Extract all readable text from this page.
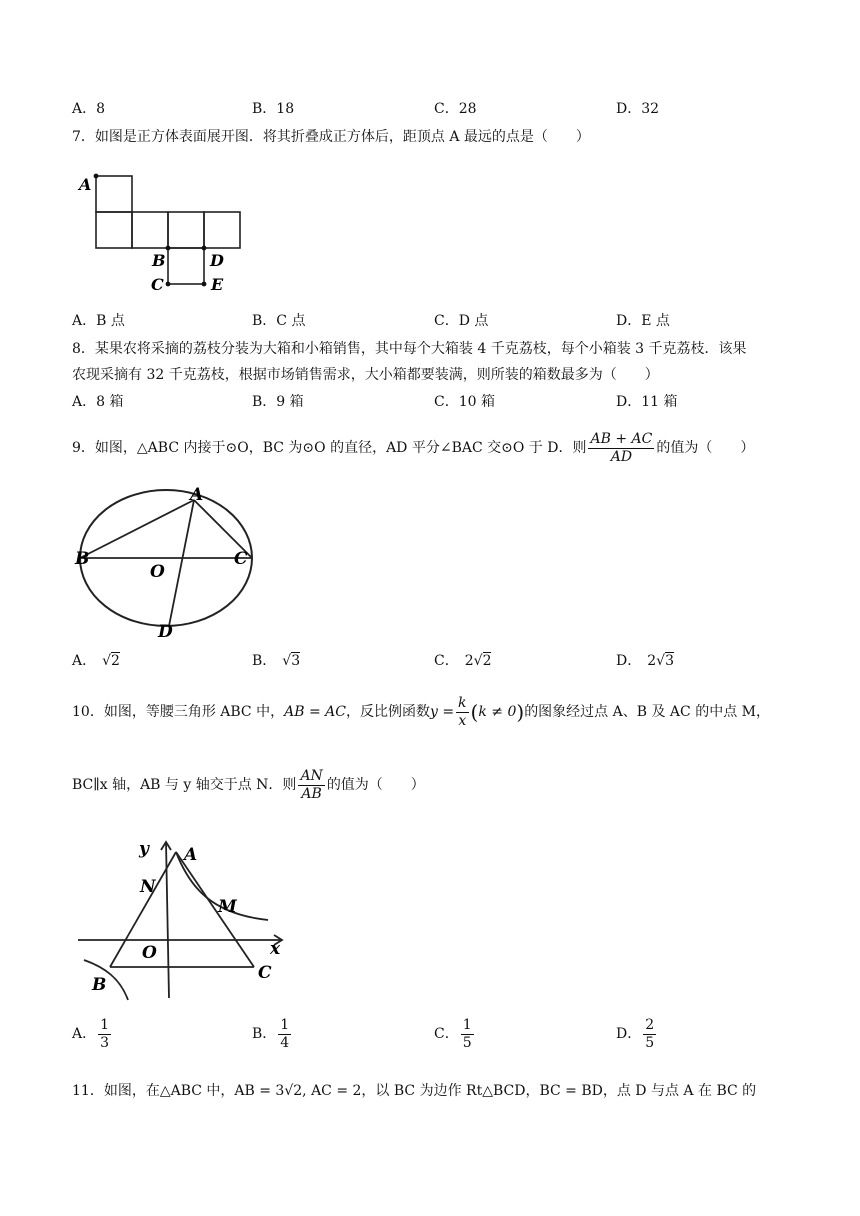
A．8	B．18	C．28	D．32
7．如图是正方体表面展开图．将其折叠成正方体后，距顶点 A 最远的点是（　　）
A
B	D
C	E
A．B 点	B．C 点	C．D 点	D．E 点
8．某果农将采摘的荔枝分装为大箱和小箱销售，其中每个大箱装 4 千克荔枝，每个小箱装 3 千克荔枝．该果
农现采摘有 32 千克荔枝，根据市场销售需求，大小箱都要装满，则所装的箱数最多为（　　）
A．8 箱	B．9 箱	C．10 箱	D．11 箱
9．如图，△ABC 内接于⊙O，BC 为⊙O 的直径，AD 平分∠BAC 交⊙O 于 D．则 $\frac{AB + AC}{AD}$ 的值为（　　）
A
B	C
O
D
A． √2	B． √3	C． 2√2	D． 2√3
10．如图，等腰三角形 ABC 中，AB = AC，反比例函数$y = \frac{k}{x} (k \ne 0)$的图象经过点 A、B 及 AC 的中点 M，
BC∥x 轴，AB 与 y 轴交于点 N．则 $\frac{AN}{AB}$ 的值为（　　）
y A
N
M
x
O
B
C
A． $\frac{1}{3}$	B． $\frac{1}{4}$	C． $\frac{1}{5}$	D． $\frac{2}{5}$
11．如图，在△ABC 中，AB = 3√2, AC = 2，以 BC 为边作 Rt△BCD，BC = BD，点 D 与点 A 在 BC 的
